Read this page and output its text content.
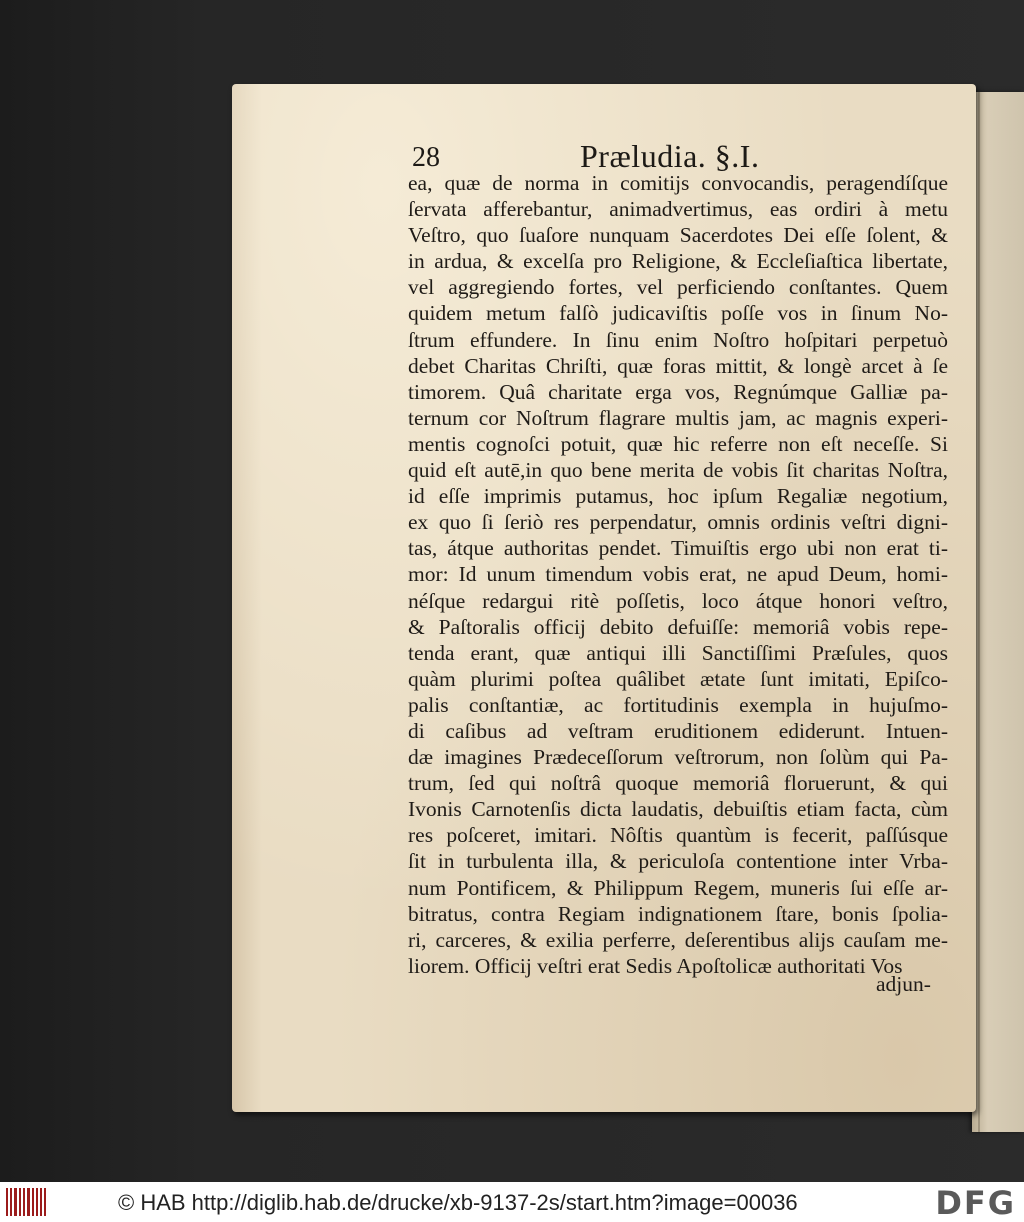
28	Præludia. §.I.
ea, quæ de norma in comitijs convocandis, peragendíſque
ſervata afferebantur, animadvertimus, eas ordiri à metu
Veſtro, quo ſuaſore nunquam Sacerdotes Dei eſſe ſolent, &
in ardua, & excelſa pro Religione, & Eccleſiaſtica libertate,
vel aggregiendo fortes, vel perficiendo conſtantes. Quem
quidem metum falſò judicaviſtis poſſe vos in ſinum No-
ſtrum effundere. In ſinu enim Noſtro hoſpitari perpetuò
debet Charitas Chriſti, quæ foras mittit, & longè arcet à ſe
timorem. Quâ charitate erga vos, Regnúmque Galliæ pa-
ternum cor Noſtrum flagrare multis jam, ac magnis experi-
mentis cognoſci potuit, quæ hic referre non eſt neceſſe. Si
quid eſt autē,in quo bene merita de vobis ſit charitas Noſtra,
id eſſe imprimis putamus, hoc ipſum Regaliæ negotium,
ex quo ſi ſeriò res perpendatur, omnis ordinis veſtri digni-
tas, átque authoritas pendet. Timuiſtis ergo ubi non erat ti-
mor: Id unum timendum vobis erat, ne apud Deum, homi-
néſque redargui ritè poſſetis, loco átque honori veſtro,
& Paſtoralis officij debito defuiſſe: memoriâ vobis repe-
tenda erant, quæ antiqui illi Sanctiſſimi Præſules, quos
quàm plurimi poſtea quâlibet ætate ſunt imitati, Epiſco-
palis conſtantiæ, ac fortitudinis exempla in hujuſmo-
di caſibus ad veſtram eruditionem ediderunt. Intuen-
dæ imagines Prædeceſſorum veſtrorum, non ſolùm qui Pa-
trum, ſed qui noſtrâ quoque memoriâ floruerunt, & qui
Ivonis Carnotenſis dicta laudatis, debuiſtis etiam facta, cùm
res poſceret, imitari. Nôſtis quantùm is fecerit, paſſúsque
ſit in turbulenta illa, & periculoſa contentione inter Vrba-
num Pontificem, & Philippum Regem, muneris ſui eſſe ar-
bitratus, contra Regiam indignationem ſtare, bonis ſpolia-
ri, carceres, & exilia perferre, deſerentibus alijs cauſam me-
liorem. Officij veſtri erat Sedis Apoſtolicæ authoritati Vos
adjun-
© HAB http://diglib.hab.de/drucke/xb-9137-2s/start.htm?image=00036	DFG
